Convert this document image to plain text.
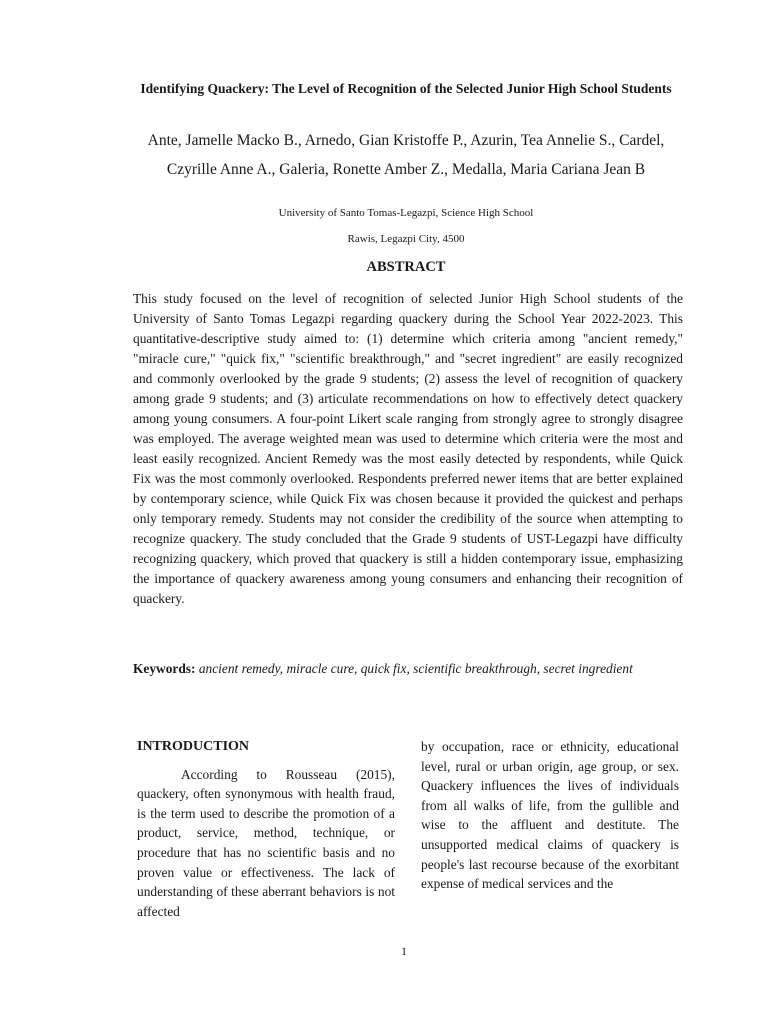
Identifying Quackery: The Level of Recognition of the Selected Junior High School Students
Ante, Jamelle Macko B., Arnedo, Gian Kristoffe P., Azurin, Tea Annelie S., Cardel,
Czyrille Anne A., Galeria, Ronette Amber Z., Medalla, Maria Cariana Jean B

University of Santo Tomas-Legazpi, Science High School

Rawis, Legazpi City, 4500

ABSTRACT

This study focused on the level of recognition of selected Junior High School students of the University of Santo Tomas Legazpi regarding quackery during the School Year 2022-2023. This quantitative-descriptive study aimed to: (1) determine which criteria among "ancient remedy," "miracle cure," "quick fix," "scientific breakthrough," and "secret ingredient" are easily recognized and commonly overlooked by the grade 9 students; (2) assess the level of recognition of quackery among grade 9 students; and (3) articulate recommendations on how to effectively detect quackery among young consumers. A four-point Likert scale ranging from strongly agree to strongly disagree was employed. The average weighted mean was used to determine which criteria were the most and least easily recognized. Ancient Remedy was the most easily detected by respondents, while Quick Fix was the most commonly overlooked. Respondents preferred newer items that are better explained by contemporary science, while Quick Fix was chosen because it provided the quickest and perhaps only temporary remedy. Students may not consider the credibility of the source when attempting to recognize quackery. The study concluded that the Grade 9 students of UST-Legazpi have difficulty recognizing quackery, which proved that quackery is still a hidden contemporary issue, emphasizing the importance of quackery awareness among young consumers and enhancing their recognition of quackery.

Keywords: ancient remedy, miracle cure, quick fix, scientific breakthrough, secret ingredient

INTRODUCTION

According to Rousseau (2015), quackery, often synonymous with health fraud, is the term used to describe the promotion of a product, service, method, technique, or procedure that has no scientific basis and no proven value or effectiveness. The lack of understanding of these aberrant behaviors is not affected

by occupation, race or ethnicity, educational level, rural or urban origin, age group, or sex. Quackery influences the lives of individuals from all walks of life, from the gullible and wise to the affluent and destitute. The unsupported medical claims of quackery is people's last recourse because of the exorbitant expense of medical services and the

1
